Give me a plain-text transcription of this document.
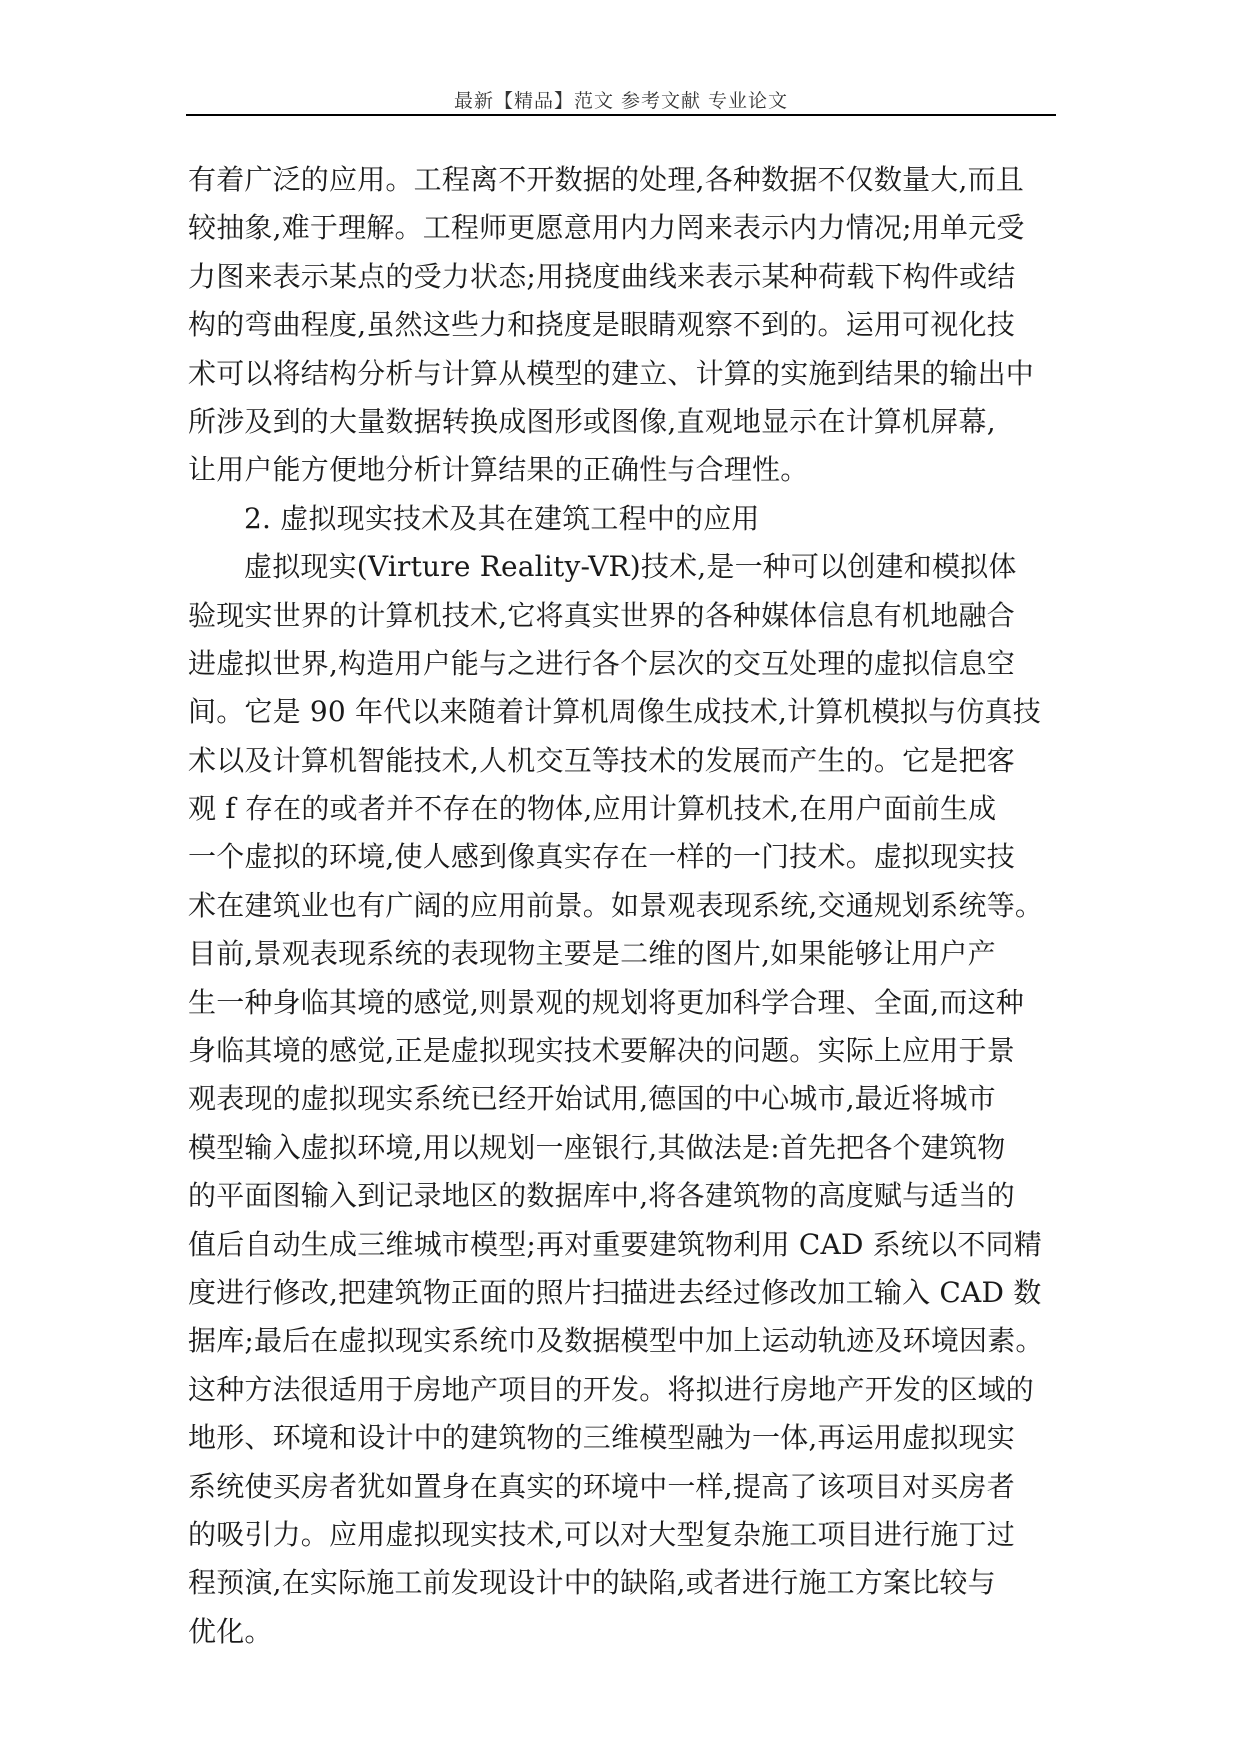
最新【精品】范文 参考文献 专业论文
有着广泛的应用。工程离不开数据的处理,各种数据不仅数量大,而且
较抽象,难于理解。工程师更愿意用内力罔来表示内力情况;用单元受
力图来表示某点的受力状态;用挠度曲线来表示某种荷载下构件或结
构的弯曲程度,虽然这些力和挠度是眼睛观察不到的。运用可视化技
术可以将结构分析与计算从模型的建立、计算的实施到结果的输出中
所涉及到的大量数据转换成图形或图像,直观地显示在计算机屏幕,
让用户能方便地分析计算结果的正确性与合理性。
2. 虚拟现实技术及其在建筑工程中的应用
虚拟现实(Virture Reality-VR)技术,是一种可以创建和模拟体
验现实世界的计算机技术,它将真实世界的各种媒体信息有机地融合
进虚拟世界,构造用户能与之进行各个层次的交互处理的虚拟信息空
间。它是 90 年代以来随着计算机周像生成技术,计算机模拟与仿真技
术以及计算机智能技术,人机交互等技术的发展而产生的。它是把客
观 f 存在的或者并不存在的物体,应用计算机技术,在用户面前生成
一个虚拟的环境,使人感到像真实存在一样的一门技术。虚拟现实技
术在建筑业也有广阔的应用前景。如景观表现系统,交通规划系统等。
目前,景观表现系统的表现物主要是二维的图片,如果能够让用户产
生一种身临其境的感觉,则景观的规划将更加科学合理、全面,而这种
身临其境的感觉,正是虚拟现实技术要解决的问题。实际上应用于景
观表现的虚拟现实系统已经开始试用,德国的中心城市,最近将城市
模型输入虚拟环境,用以规划一座银行,其做法是:首先把各个建筑物
的平面图输入到记录地区的数据库中,将各建筑物的高度赋与适当的
值后自动生成三维城市模型;再对重要建筑物利用 CAD 系统以不同精
度进行修改,把建筑物正面的照片扫描进去经过修改加工输入 CAD 数
据库;最后在虚拟现实系统巾及数据模型中加上运动轨迹及环境因素。
这种方法很适用于房地产项目的开发。将拟进行房地产开发的区域的
地形、环境和设计中的建筑物的三维模型融为一体,再运用虚拟现实
系统使买房者犹如置身在真实的环境中一样,提高了该项目对买房者
的吸引力。应用虚拟现实技术,可以对大型复杂施工项目进行施丁过
程预演,在实际施工前发现设计中的缺陷,或者进行施工方案比较与
优化。
